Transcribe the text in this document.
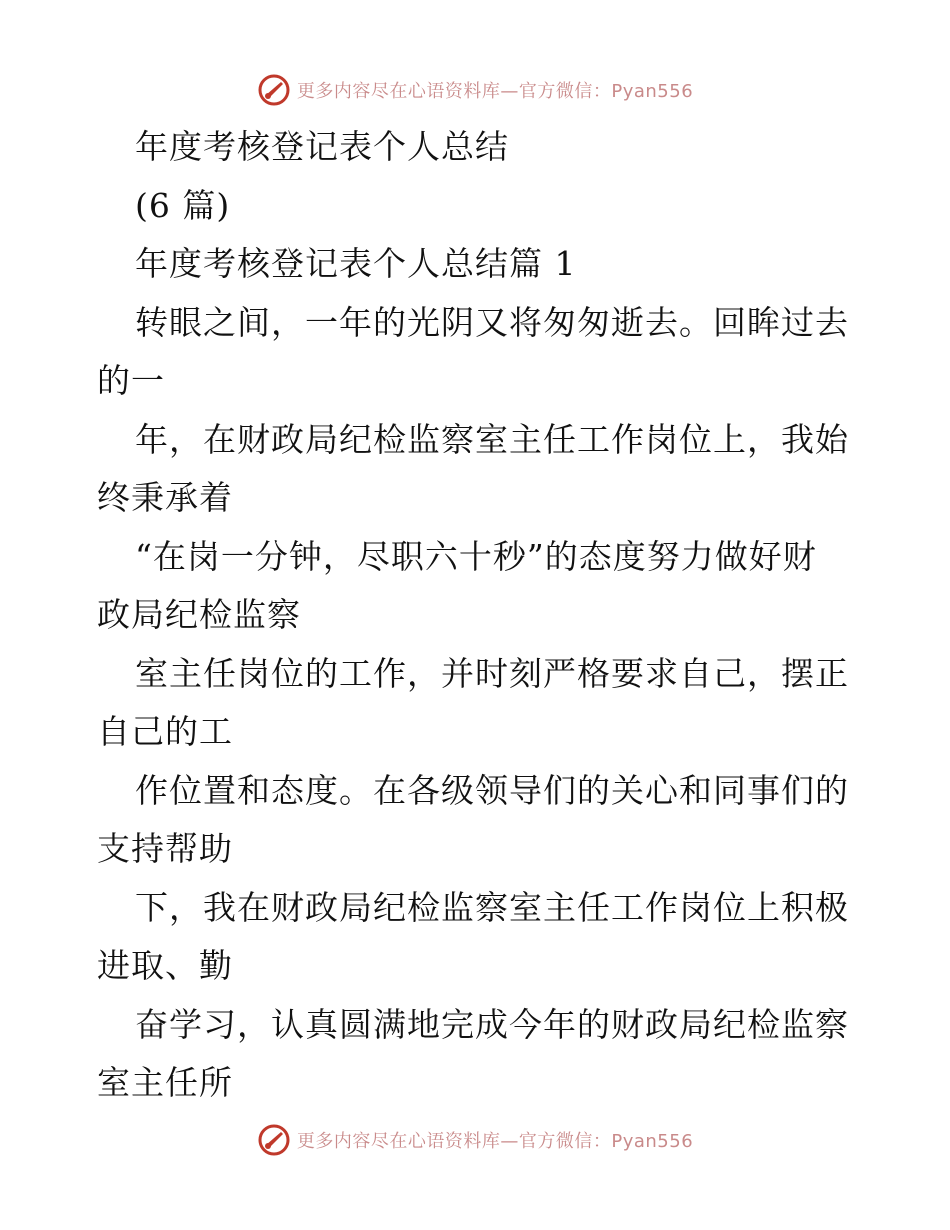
更多内容尽在心语资料库—官方微信：Pyan556
年度考核登记表个人总结
(6 篇)
年度考核登记表个人总结篇 1
转眼之间，一年的光阴又将匆匆逝去。回眸过去
的一
年，在财政局纪检监察室主任工作岗位上，我始
终秉承着
“在岗一分钟，尽职六十秒”的态度努力做好财
政局纪检监察
室主任岗位的工作，并时刻严格要求自己，摆正
自己的工
作位置和态度。在各级领导们的关心和同事们的
支持帮助
下，我在财政局纪检监察室主任工作岗位上积极
进取、勤
奋学习，认真圆满地完成今年的财政局纪检监察
室主任所
更多内容尽在心语资料库—官方微信：Pyan556
